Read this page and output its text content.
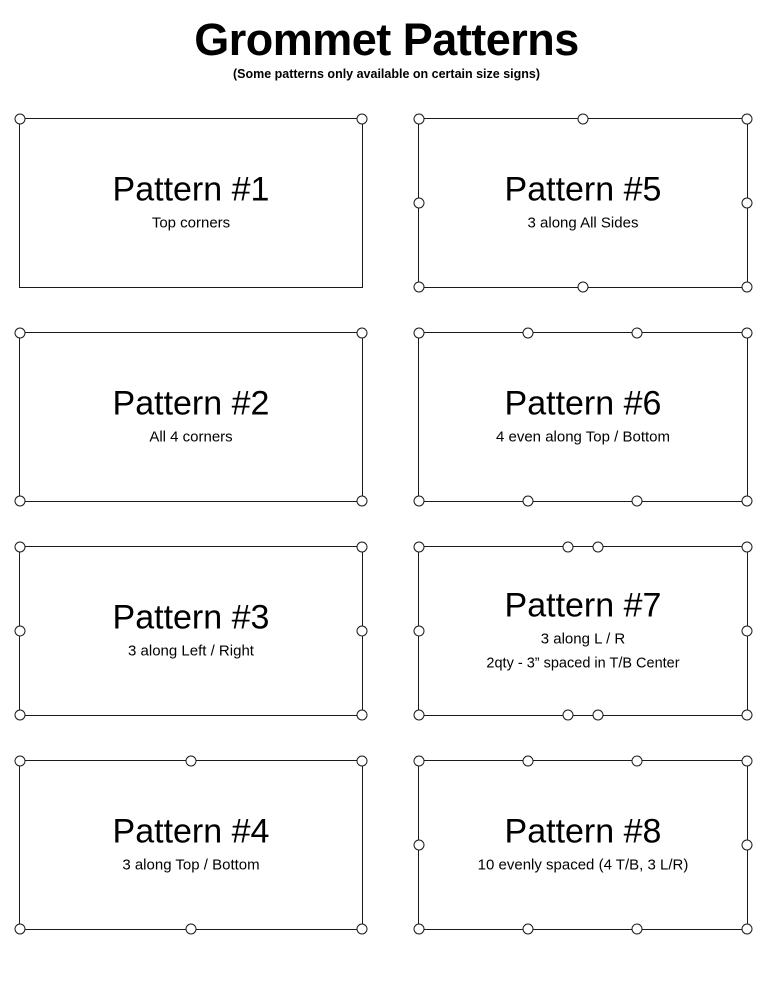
Grommet Patterns

(Some patterns only available on certain size signs)

Pattern #1
Top corners
Pattern #5
3 along All Sides
Pattern #2
All 4 corners
Pattern #6
4 even along Top / Bottom
Pattern #3
3 along Left / Right
Pattern #7
3 along L / R
2qty - 3” spaced in T/B Center
Pattern #4
3 along Top / Bottom
Pattern #8
10 evenly spaced (4 T/B, 3 L/R)
